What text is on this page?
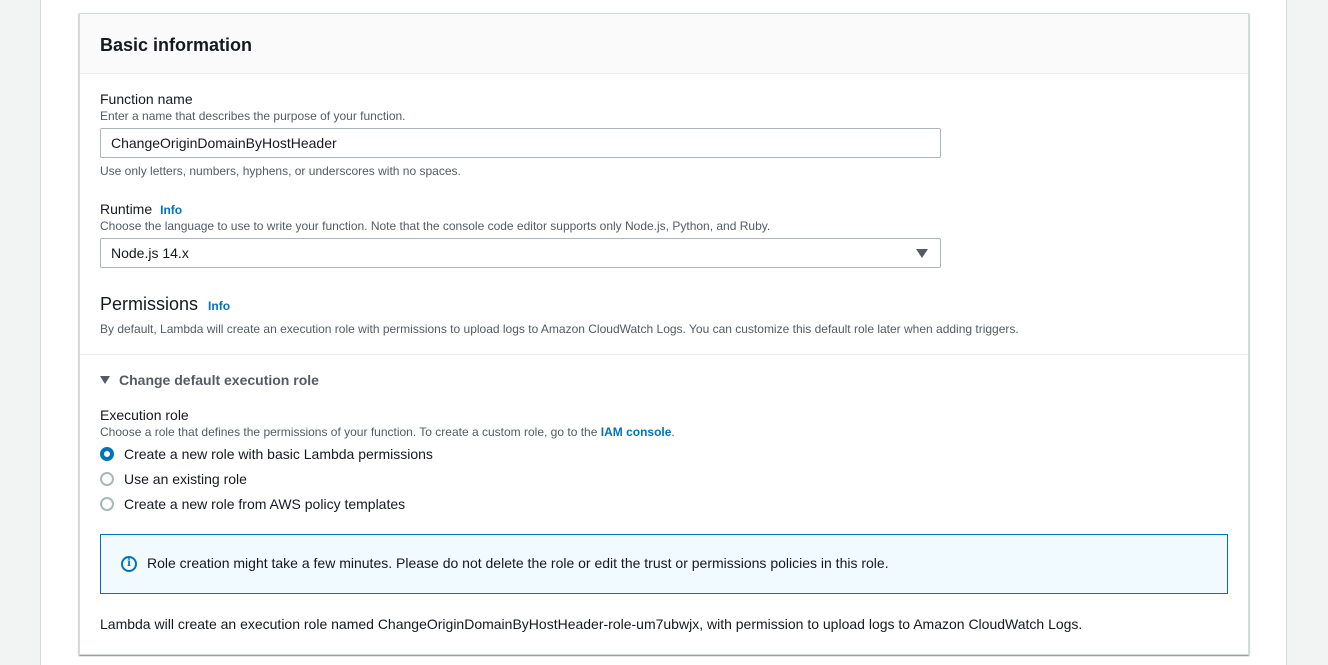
Basic information
Function name
Enter a name that describes the purpose of your function.
ChangeOriginDomainByHostHeader
Use only letters, numbers, hyphens, or underscores with no spaces.
Runtime Info
Choose the language to use to write your function. Note that the console code editor supports only Node.js, Python, and Ruby.
Node.js 14.x
Permissions Info
By default, Lambda will create an execution role with permissions to upload logs to Amazon CloudWatch Logs. You can customize this default role later when adding triggers.
Change default execution role
Execution role
Choose a role that defines the permissions of your function. To create a custom role, go to the IAM console.
Create a new role with basic Lambda permissions
Use an existing role
Create a new role from AWS policy templates
i	Role creation might take a few minutes. Please do not delete the role or edit the trust or permissions policies in this role.
Lambda will create an execution role named ChangeOriginDomainByHostHeader-role-um7ubwjx, with permission to upload logs to Amazon CloudWatch Logs.
